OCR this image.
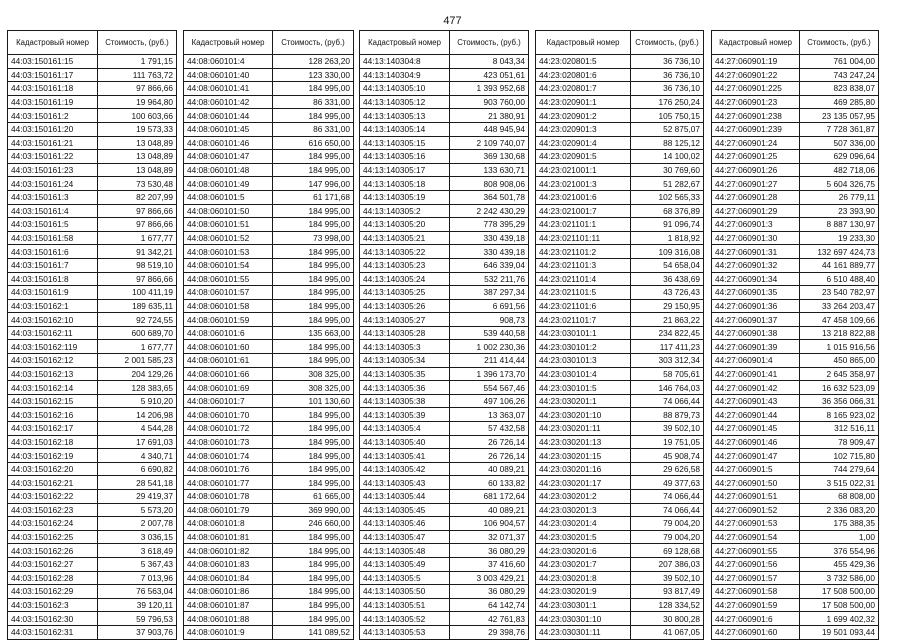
477
Кадастровый номер	Стоимость, (руб.)
44:03:150161:15	1 791,15
44:03:150161:17	111 763,72
44:03:150161:18	97 866,66
44:03:150161:19	19 964,80
44:03:150161:2	100 603,66
44:03:150161:20	19 573,33
44:03:150161:21	13 048,89
44:03:150161:22	13 048,89
44:03:150161:23	13 048,89
44:03:150161:24	73 530,48
44:03:150161:3	82 207,99
44:03:150161:4	97 866,66
44:03:150161:5	97 866,66
44:03:150161:58	1 677,77
44:03:150161:6	91 342,21
44:03:150161:7	98 519,10
44:03:150161:8	97 866,66
44:03:150161:9	100 411,19
44:03:150162:1	189 635,11
44:03:150162:10	92 724,55
44:03:150162:11	600 689,70
44:03:150162:119	1 677,77
44:03:150162:12	2 001 585,23
44:03:150162:13	204 129,26
44:03:150162:14	128 383,65
44:03:150162:15	5 910,20
44:03:150162:16	14 206,98
44:03:150162:17	4 544,28
44:03:150162:18	17 691,03
44:03:150162:19	4 340,71
44:03:150162:20	6 690,82
44:03:150162:21	28 541,18
44:03:150162:22	29 419,37
44:03:150162:23	5 573,20
44:03:150162:24	2 007,78
44:03:150162:25	3 036,15
44:03:150162:26	3 618,49
44:03:150162:27	5 367,43
44:03:150162:28	7 013,96
44:03:150162:29	76 563,04
44:03:150162:3	39 120,11
44:03:150162:30	59 796,53
44:03:150162:31	37 903,76
Кадастровый номер	Стоимость, (руб.)
44:08:060101:4	128 263,20
44:08:060101:40	123 330,00
44:08:060101:41	184 995,00
44:08:060101:42	86 331,00
44:08:060101:44	184 995,00
44:08:060101:45	86 331,00
44:08:060101:46	616 650,00
44:08:060101:47	184 995,00
44:08:060101:48	184 995,00
44:08:060101:49	147 996,00
44:08:060101:5	61 171,68
44:08:060101:50	184 995,00
44:08:060101:51	184 995,00
44:08:060101:52	73 998,00
44:08:060101:53	184 995,00
44:08:060101:54	184 995,00
44:08:060101:55	184 995,00
44:08:060101:57	184 995,00
44:08:060101:58	184 995,00
44:08:060101:59	184 995,00
44:08:060101:6	135 663,00
44:08:060101:60	184 995,00
44:08:060101:61	184 995,00
44:08:060101:66	308 325,00
44:08:060101:69	308 325,00
44:08:060101:7	101 130,60
44:08:060101:70	184 995,00
44:08:060101:72	184 995,00
44:08:060101:73	184 995,00
44:08:060101:74	184 995,00
44:08:060101:76	184 995,00
44:08:060101:77	184 995,00
44:08:060101:78	61 665,00
44:08:060101:79	369 990,00
44:08:060101:8	246 660,00
44:08:060101:81	184 995,00
44:08:060101:82	184 995,00
44:08:060101:83	184 995,00
44:08:060101:84	184 995,00
44:08:060101:86	184 995,00
44:08:060101:87	184 995,00
44:08:060101:88	184 995,00
44:08:060101:9	141 089,52
Кадастровый номер	Стоимость, (руб.)
44:13:140304:8	8 043,34
44:13:140304:9	423 051,61
44:13:140305:10	1 393 952,68
44:13:140305:12	903 760,00
44:13:140305:13	21 380,91
44:13:140305:14	448 945,94
44:13:140305:15	2 109 740,07
44:13:140305:16	369 130,68
44:13:140305:17	133 630,71
44:13:140305:18	808 908,06
44:13:140305:19	364 501,78
44:13:140305:2	2 242 430,29
44:13:140305:20	778 395,29
44:13:140305:21	330 439,18
44:13:140305:22	330 439,18
44:13:140305:23	646 339,04
44:13:140305:24	532 211,76
44:13:140305:25	387 297,34
44:13:140305:26	6 691,56
44:13:140305:27	908,73
44:13:140305:28	539 440,58
44:13:140305:3	1 002 230,36
44:13:140305:34	211 414,44
44:13:140305:35	1 396 173,70
44:13:140305:36	554 567,46
44:13:140305:38	497 106,26
44:13:140305:39	13 363,07
44:13:140305:4	57 432,58
44:13:140305:40	26 726,14
44:13:140305:41	26 726,14
44:13:140305:42	40 089,21
44:13:140305:43	60 133,82
44:13:140305:44	681 172,64
44:13:140305:45	40 089,21
44:13:140305:46	106 904,57
44:13:140305:47	32 071,37
44:13:140305:48	36 080,29
44:13:140305:49	37 416,60
44:13:140305:5	3 003 429,21
44:13:140305:50	36 080,29
44:13:140305:51	64 142,74
44:13:140305:52	42 761,83
44:13:140305:53	29 398,76
Кадастровый номер	Стоимость, (руб.)
44:23:020801:5	36 736,10
44:23:020801:6	36 736,10
44:23:020801:7	36 736,10
44:23:020901:1	176 250,24
44:23:020901:2	105 750,15
44:23:020901:3	52 875,07
44:23:020901:4	88 125,12
44:23:020901:5	14 100,02
44:23:021001:1	30 769,60
44:23:021001:3	51 282,67
44:23:021001:6	102 565,33
44:23:021001:7	68 376,89
44:23:021101:1	91 096,74
44:23:021101:11	1 818,92
44:23:021101:2	109 316,08
44:23:021101:3	54 658,04
44:23:021101:4	36 438,69
44:23:021101:5	43 726,43
44:23:021101:6	29 150,95
44:23:021101:7	21 863,22
44:23:030101:1	234 822,45
44:23:030101:2	117 411,23
44:23:030101:3	303 312,34
44:23:030101:4	58 705,61
44:23:030101:5	146 764,03
44:23:030201:1	74 066,44
44:23:030201:10	88 879,73
44:23:030201:11	39 502,10
44:23:030201:13	19 751,05
44:23:030201:15	45 908,74
44:23:030201:16	29 626,58
44:23:030201:17	49 377,63
44:23:030201:2	74 066,44
44:23:030201:3	74 066,44
44:23:030201:4	79 004,20
44:23:030201:5	79 004,20
44:23:030201:6	69 128,68
44:23:030201:7	207 386,03
44:23:030201:8	39 502,10
44:23:030201:9	93 817,49
44:23:030301:1	128 334,52
44:23:030301:10	30 800,28
44:23:030301:11	41 067,05
Кадастровый номер	Стоимость, (руб.)
44:27:060901:19	761 004,00
44:27:060901:22	743 247,24
44:27:060901:225	823 838,07
44:27:060901:23	469 285,80
44:27:060901:238	23 135 057,95
44:27:060901:239	7 728 361,87
44:27:060901:24	507 336,00
44:27:060901:25	629 096,64
44:27:060901:26	482 718,06
44:27:060901:27	5 604 326,75
44:27:060901:28	26 779,11
44:27:060901:29	23 393,90
44:27:060901:3	8 887 130,97
44:27:060901:30	19 233,30
44:27:060901:31	132 697 424,73
44:27:060901:32	44 161 889,77
44:27:060901:34	6 510 488,40
44:27:060901:35	23 540 782,97
44:27:060901:36	33 264 203,47
44:27:060901:37	47 458 109,66
44:27:060901:38	13 218 822,88
44:27:060901:39	1 015 916,56
44:27:060901:4	450 865,00
44:27:060901:41	2 645 358,97
44:27:060901:42	16 632 523,09
44:27:060901:43	36 356 066,31
44:27:060901:44	8 165 923,02
44:27:060901:45	312 516,11
44:27:060901:46	78 909,47
44:27:060901:47	102 715,80
44:27:060901:5	744 279,64
44:27:060901:50	3 515 022,31
44:27:060901:51	68 808,00
44:27:060901:52	2 336 083,20
44:27:060901:53	175 388,35
44:27:060901:54	1,00
44:27:060901:55	376 554,96
44:27:060901:56	455 429,36
44:27:060901:57	3 732 586,00
44:27:060901:58	17 508 500,00
44:27:060901:59	17 508 500,00
44:27:060901:6	1 699 402,32
44:27:060901:60	19 501 093,44
